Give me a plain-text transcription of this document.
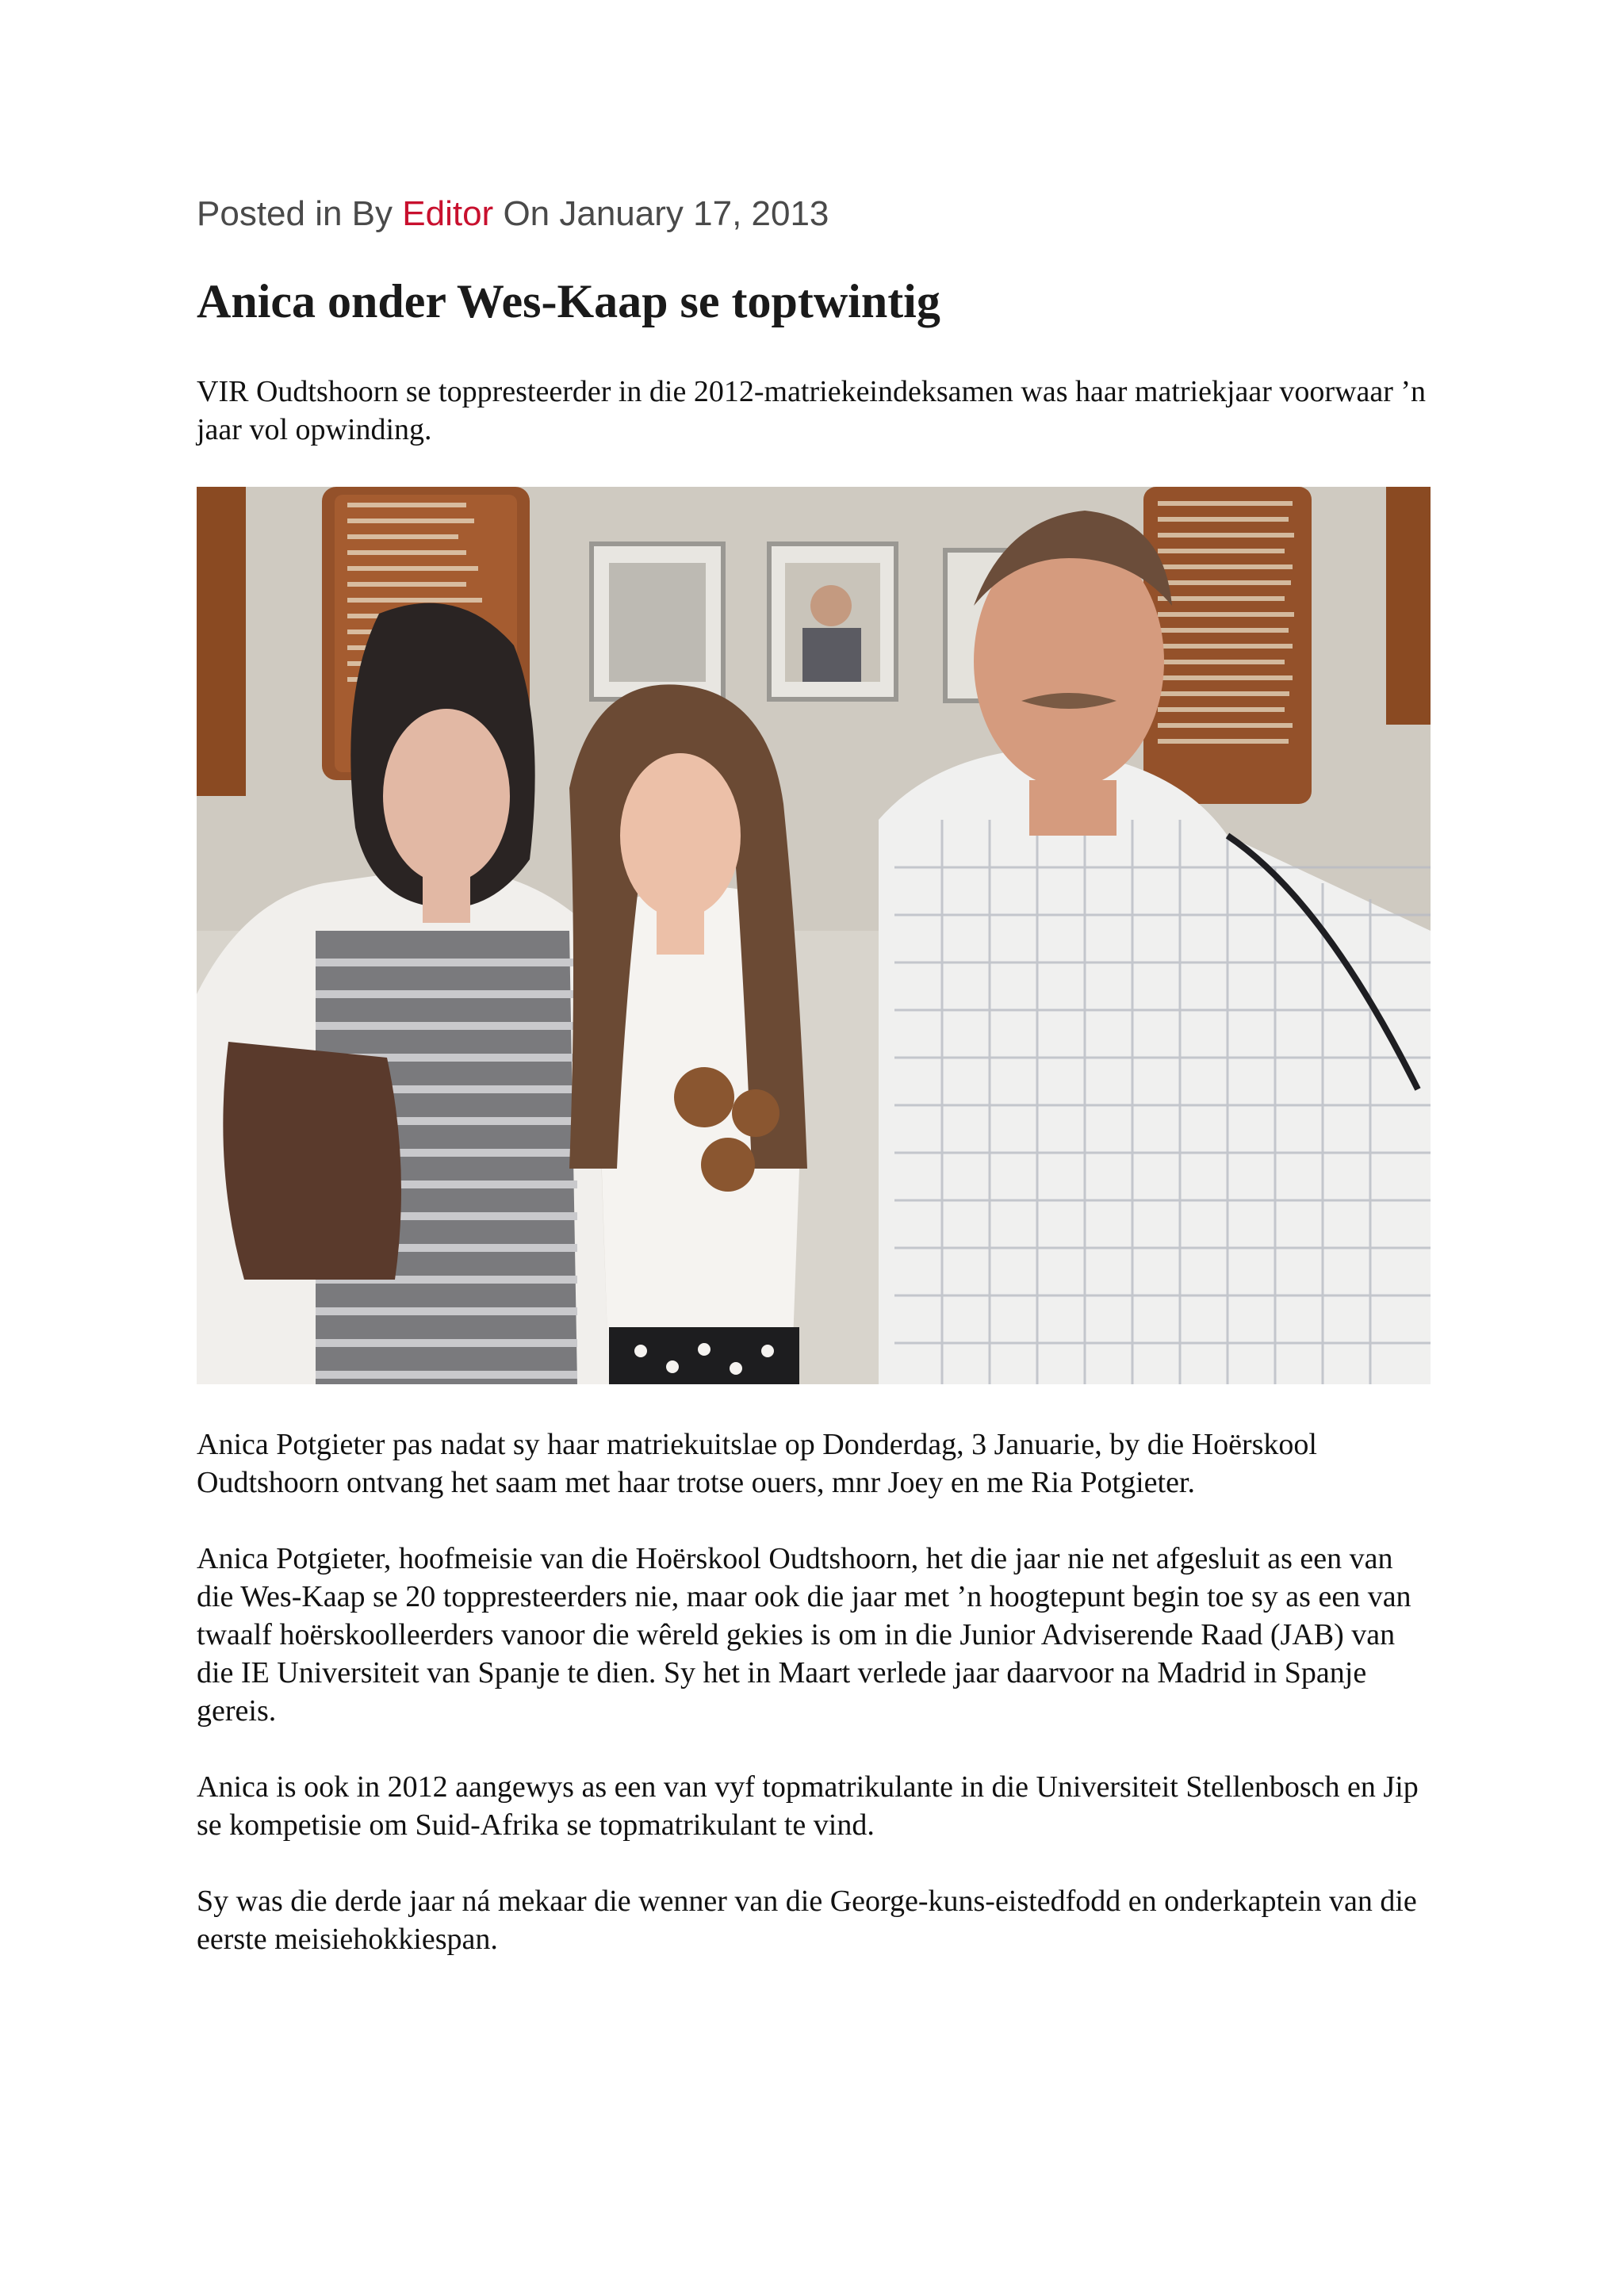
Posted in By Editor On January 17, 2013

Anica onder Wes-Kaap se toptwintig

VIR Oudtshoorn se toppresteerder in die 2012-matriekeindeksamen was haar matriekjaar voorwaar ’n jaar vol opwinding.

Anica Potgieter pas nadat sy haar matriekuitslae op Donderdag, 3 Januarie, by die Hoërskool Oudtshoorn ontvang het saam met haar trotse ouers, mnr Joey en me Ria Potgieter.

Anica Potgieter, hoofmeisie van die Hoërskool Oudtshoorn, het die jaar nie net afgesluit as een van die Wes-Kaap se 20 toppresteerders nie, maar ook die jaar met ’n hoogtepunt begin toe sy as een van twaalf hoërskoolleerders vanoor die wêreld gekies is om in die Junior Adviserende Raad (JAB) van die IE Universiteit van Spanje te dien. Sy het in Maart verlede jaar daarvoor na Madrid in Spanje gereis.

Anica is ook in 2012 aangewys as een van vyf topmatrikulante in die Universiteit Stellenbosch en Jip se kompetisie om Suid-Afrika se topmatrikulant te vind.

Sy was die derde jaar ná mekaar die wenner van die George-kuns-eistedfodd en onderkaptein van die eerste meisiehokkiespan.
